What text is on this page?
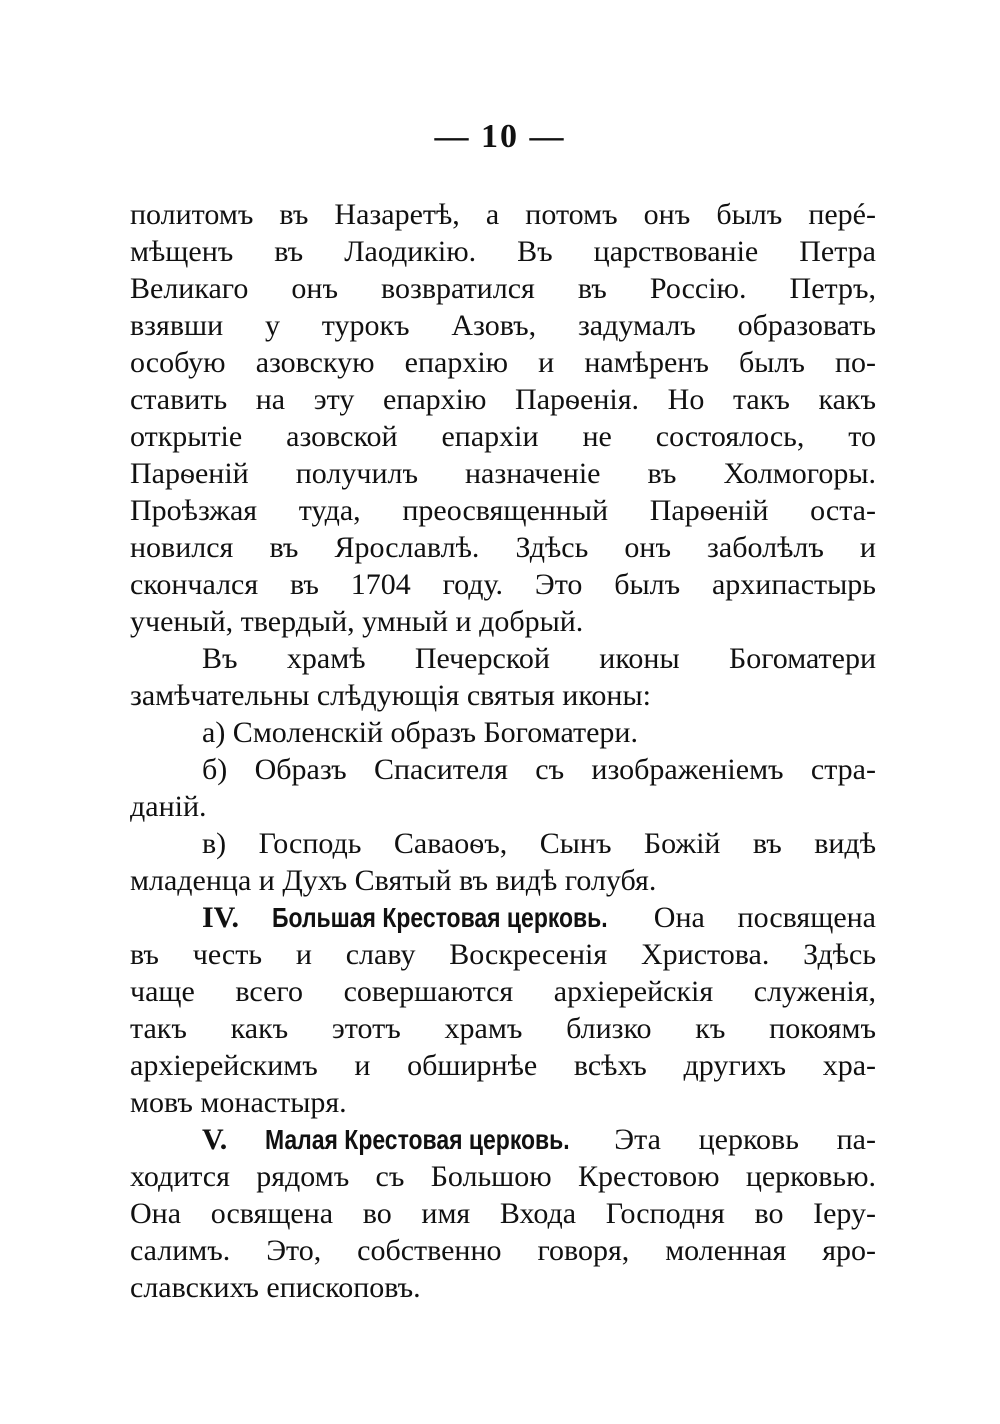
— 10 —
политомъ въ Назаретѣ, а потомъ онъ былъ перé-
мѣщенъ въ Лаодикію. Въ царствованіе Петра
Великаго онъ возвратился въ Россію. Петръ,
взявши у турокъ Азовъ, задумалъ образовать
особую азовскую епархію и намѣренъ былъ по-
ставить на эту епархію Парѳенія. Но такъ какъ
открытіе азовской епархіи не состоялось, то
Парѳеній получилъ назначеніе въ Холмогоры.
Проѣзжая туда, преосвященный Парѳеній оста-
новился въ Ярославлѣ. Здѣсь онъ заболѣлъ и
скончался въ 1704 году. Это былъ архипастырь
ученый, твердый, умный и добрый.
Въ храмѣ Печерской иконы Богоматери
замѣчательны слѣдующія святыя иконы:
а) Смоленскій образъ Богоматери.
б) Образъ Спасителя съ изображеніемъ стра-
даній.
в) Господь Саваоѳъ, Сынъ Божій въ видѣ
младенца и Духъ Святый въ видѣ голубя.
IV. Большая Крестовая церковь. Она посвящена
въ честь и славу Воскресенія Христова. Здѣсь
чаще всего совершаются архіерейскія служенія,
такъ какъ этотъ храмъ близко къ покоямъ
архіерейскимъ и обширнѣе всѣхъ другихъ хра-
мовъ монастыря.
V. Малая Крестовая церковь. Эта церковь па-
ходится рядомъ съ Большою Крестовою церковью.
Она освящена во имя Входа Господня во Іеру-
салимъ. Это, собственно говоря, моленная яро-
славскихъ епископовъ.
